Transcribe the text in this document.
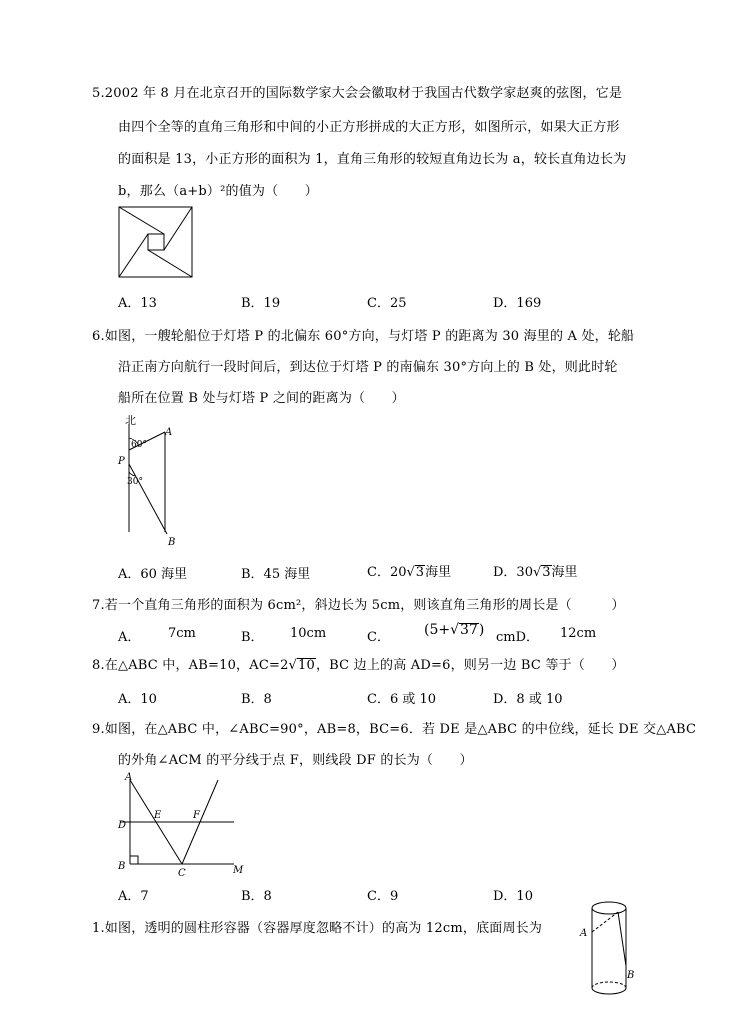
5.2002 年 8 月在北京召开的国际数学家大会会徽取材于我国古代数学家赵爽的弦图，它是
由四个全等的直角三角形和中间的小正方形拼成的大正方形，如图所示，如果大正方形
的面积是 13，小正方形的面积为 1，直角三角形的较短直角边长为 a，较长直角边长为
b，那么（a+b）²的值为（　　）
A．13	B．19	C．25	D．169
6.如图，一艘轮船位于灯塔 P 的北偏东 60°方向，与灯塔 P 的距离为 30 海里的 A 处，轮船
沿正南方向航行一段时间后，到达位于灯塔 P 的南偏东 30°方向上的 B 处，则此时轮
船所在位置 B 处与灯塔 P 之间的距离为（　　）
北
60°
P
30°
A
B
A．60 海里	B．45 海里	C．20√3海里	D．30√3海里
7.若一个直角三角形的面积为 6cm²，斜边长为 5cm，则该直角三角形的周长是（　　　）
A． 7cm	B． 10cm	C． (5+√37) cmD． 12cm
8.在△ABC 中，AB=10，AC=2√10，BC 边上的高 AD=6，则另一边 BC 等于（　　）
A．10	B．8	C．6 或 10	D．8 或 10
9.如图，在△ABC 中，∠ABC=90°，AB=8，BC=6．若 DE 是△ABC 的中位线，延长 DE 交△ABC
的外角∠ACM 的平分线于点 F，则线段 DF 的长为（　　）
A
B
C
D
E	F
M
A．7	B．8	C．9	D．10
1.如图，透明的圆柱形容器（容器厚度忽略不计）的高为 12cm，底面周长为	A
B
